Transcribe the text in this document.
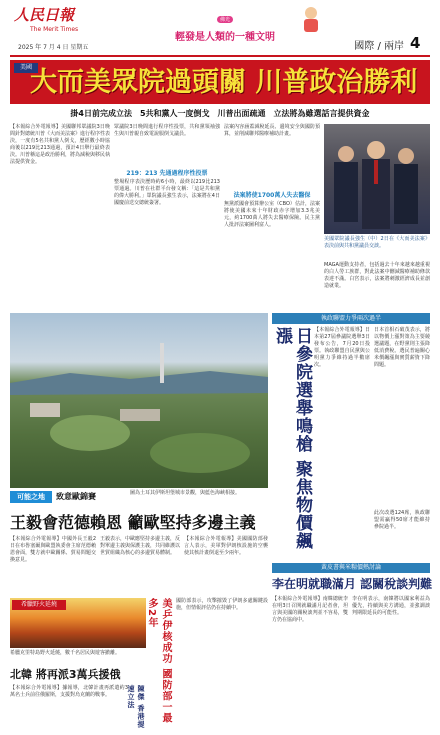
人民日報
The Merit Times
佛光
輕發是人類的一種文明
2025 年 7 月 4 日 星期五	國際 / 兩岸 4
美國
大而美眾院過頭關 川普政治勝利
掛4日前完成立法　5共和黨人一度倒戈　川普出面疏通　立法將為雖選話言提供資金
【本報綜合外電報導】美國聯邦眾議院3日晚間針對總統川普《大而美法案》進行程序性表決，一度有5名共和黨人倒戈，歷經數小時協商後以219比213通過，預計4日舉行最終表決。川普稱這是政治勝利，將為減稅與移民執法提供資金。
眾議院3日晚間進行程序性投票，共和黨領袖強生與川普親自致電說服倒戈議員。
219：213 先通過程序性投票
整場程序表決歷時約6小時，最終以219比213票通過。川普在社群平台發文稱：「這是共和黨的偉大勝利。」眾院議長強生表示，法案將在4日國慶前送交總統簽署。
法案內容涵蓋減稅延長、邊境安全與國防預算，並削減聯邦醫療補助計畫。
法案將使1700萬人失去醫保
無黨派國會預算辦公室（CBO）估計，法案將使美國未來十年財政赤字增加3.3兆美元，約1700萬人將失去醫療保險。民主黨人批評法案圖利富人。
美國眾院議長強生（中）2日在《大而美法案》表決前與共和黨議員交談。
MAGA運動支持者，包括過去十年來越來越重視的白人勞工族群，對此法案中刪減醫療補助條款表達不滿。白宮表示，法案將刺激經濟成長並創造就業。
執政聯盟力爭兩次過半
日參院選舉鳴槍 聚焦物價飆漲	【本報綜合外電報導】日本第27屆參議院選舉3日發布公告，7月20日投票。執政聯盟自民黨與公明黨力爭維持過半數席次。
日本首相石破茂表示，將以物價上漲對策為主要競選議題，在野黨則主張降低消費稅。選民普遍關心米價飆漲與實質薪資下降問題。
此次改選124席，執政聯盟需贏得50席才能維持參院過半。
黃皮書與米糧價熱討論
李在明就職滿月 認關稅談判難
【本報綜合外電報導】南韓總統李在明3日召開就職滿月記者會，坦言與美國的關稅談判並不容易，雙方仍在協商中。
李在明表示，南韓將以國家利益為優先，持續與美方溝通，並強調談判期限延長的可能性。
可能之地	致意歐錦賽	圖為土耳其伊斯坦堡城市景觀，與藍色海峽相接。
王毅會范德賴恩 籲歐堅持多邊主義
【本報綜合外電報導】中國外長王毅2日在布魯塞爾與歐盟執委會主席范德賴恩會面，雙方就中歐關係、貿易問題交換意見。
王毅表示，中歐應堅持多邊主義，反對單邊主義與保護主義，共同維護以世貿組織為核心的多邊貿易體制。
【本報綜合外電報導】美國國防部發言人表示，美軍對伊朗核設施的空襲使其核計畫倒退至少兩年。
美乒伊核成功 國防部一最多2年	國防部表示，攻擊摧毀了伊朗多處關鍵設施，但情報評估仍在持續中。
希臘野火延燒
希臘克里特島野火延燒，數千名居民與遊客撤離。
北韓 將再派3萬兵援俄
【本報綜合外電報導】據報導，北韓計畫再派遣約3萬名士兵前往俄羅斯，支援對烏克蘭的戰事。	陳傑 香港提速立法
